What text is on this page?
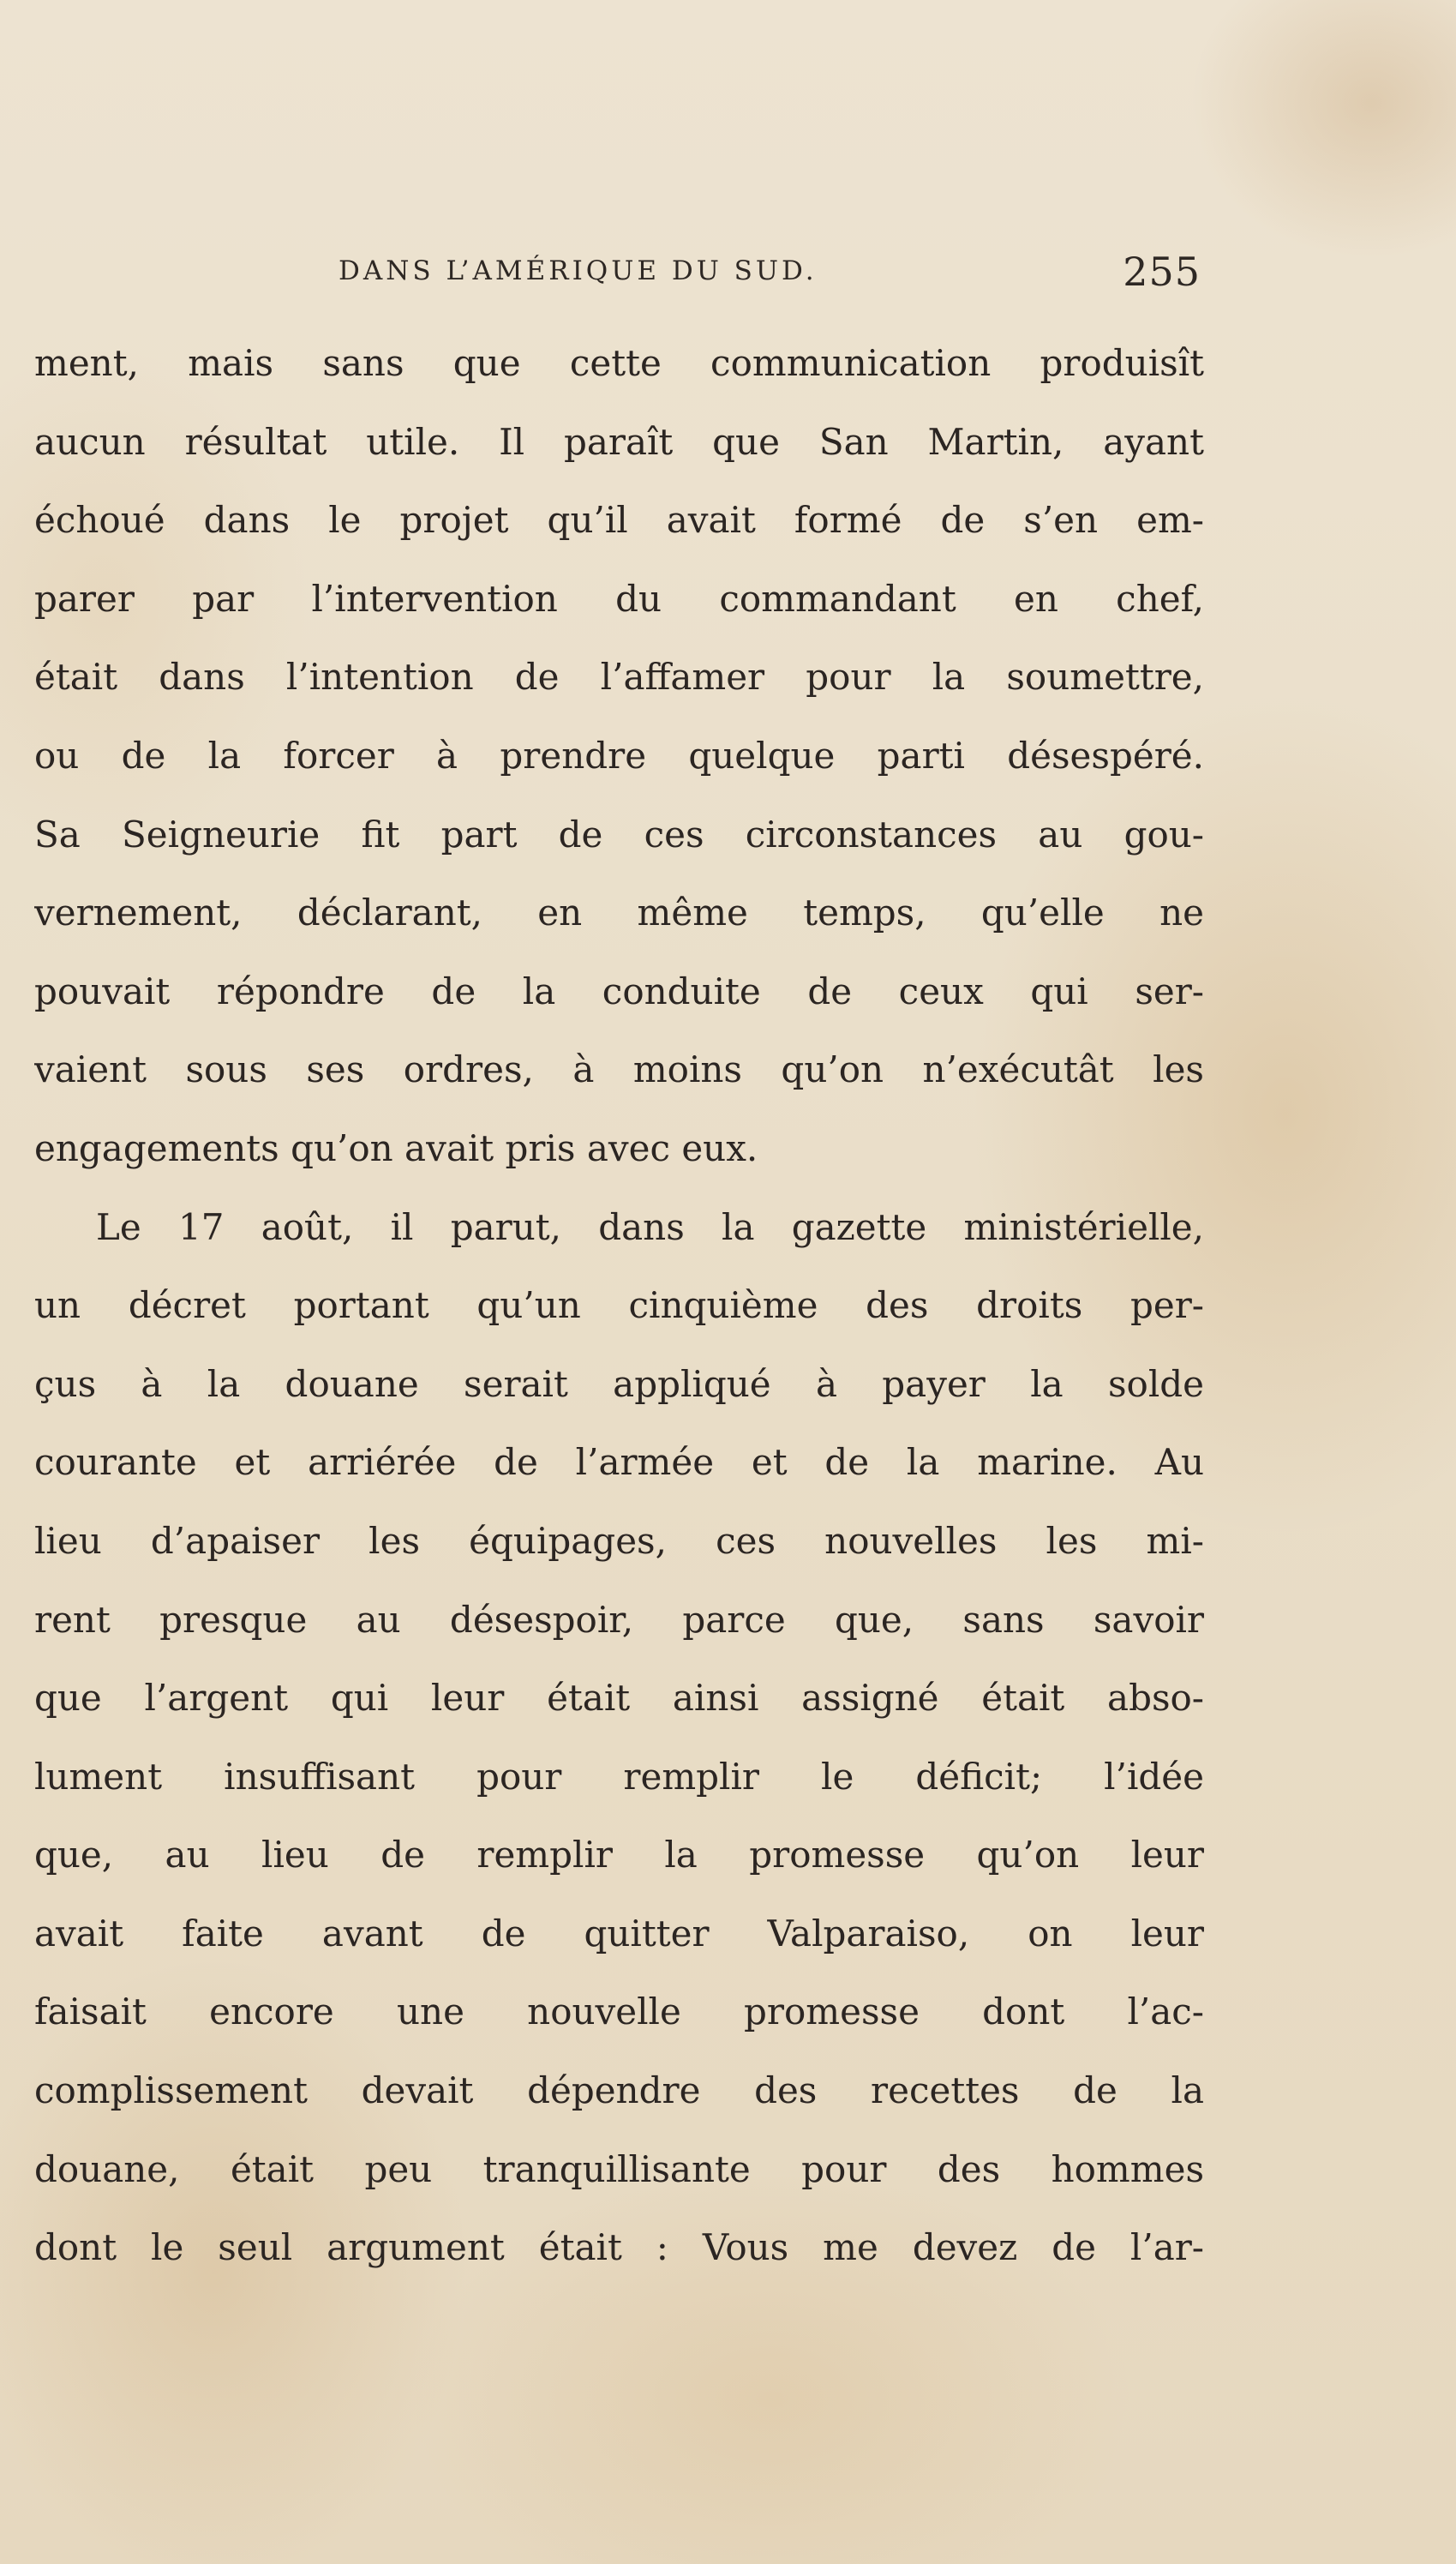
DANS L’AMÉRIQUE DU SUD.	255
ment, mais sans que cette communication produisît
aucun résultat utile. Il paraît que San Martin, ayant
échoué dans le projet qu’il avait formé de s’en em-
parer par l’intervention du commandant en chef,
était dans l’intention de l’affamer pour la soumettre,
ou de la forcer à prendre quelque parti désespéré.
Sa Seigneurie fit part de ces circonstances au gou-
vernement, déclarant, en même temps, qu’elle ne
pouvait répondre de la conduite de ceux qui ser-
vaient sous ses ordres, à moins qu’on n’exécutât les
engagements qu’on avait pris avec eux.
Le 17 août, il parut, dans la gazette ministérielle,
un décret portant qu’un cinquième des droits per-
çus à la douane serait appliqué à payer la solde
courante et arriérée de l’armée et de la marine. Au
lieu d’apaiser les équipages, ces nouvelles les mi-
rent presque au désespoir, parce que, sans savoir
que l’argent qui leur était ainsi assigné était abso-
lument insuffisant pour remplir le déficit; l’idée
que, au lieu de remplir la promesse qu’on leur
avait faite avant de quitter Valparaiso, on leur
faisait encore une nouvelle promesse dont l’ac-
complissement devait dépendre des recettes de la
douane, était peu tranquillisante pour des hommes
dont le seul argument était : Vous me devez de l’ar-
